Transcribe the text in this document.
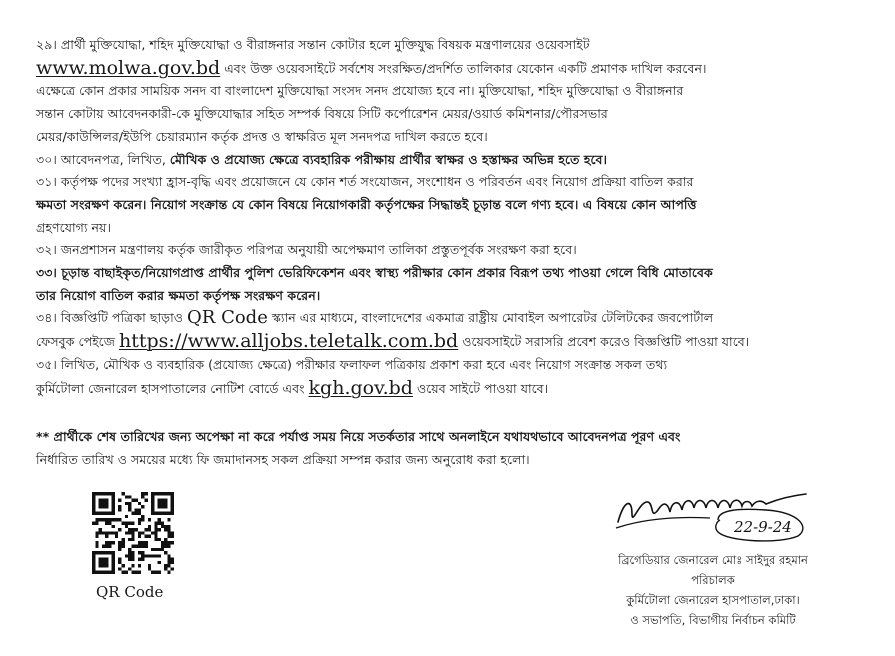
২৯। প্রার্থী মুক্তিযোদ্ধা, শহিদ মুক্তিযোদ্ধা ও বীরাঙ্গনার সন্তান কোটার হলে মুক্তিযুদ্ধ বিষয়ক মন্ত্রণালয়ের ওয়েবসাইট
www.molwa.gov.bd এবং উক্ত ওয়েবসাইটে সর্বশেষ সংরক্ষিত/প্রদর্শিত তালিকার যেকোন একটি প্রমাণক দাখিল করবেন।
এক্ষেত্রে কোন প্রকার সাময়িক সনদ বা বাংলাদেশ মুক্তিযোদ্ধা সংসদ সনদ প্রযোজ্য হবে না। মুক্তিযোদ্ধা, শহিদ মুক্তিযোদ্ধা ও বীরাঙ্গনার
সন্তান কোটায় আবেদনকারী-কে মুক্তিযোদ্ধার সহিত সম্পর্ক বিষয়ে সিটি কর্পোরেশন মেয়র/ওয়ার্ড কমিশনার/পৌরসভার
মেয়র/কাউন্সিলর/ইউপি চেয়ারম্যান কর্তৃক প্রদত্ত ও স্বাক্ষরিত মূল সনদপত্র দাখিল করতে হবে।
৩০। আবেদনপত্র, লিখিত, মৌখিক ও প্রযোজ্য ক্ষেত্রে ব্যবহারিক পরীক্ষায় প্রার্থীর স্বাক্ষর ও হস্তাক্ষর অভিন্ন হতে হবে।
৩১। কর্তৃপক্ষ পদের সংখ্যা হ্রাস-বৃদ্ধি এবং প্রয়োজনে যে কোন শর্ত সংযোজন, সংশোধন ও পরিবর্তন এবং নিয়োগ প্রক্রিয়া বাতিল করার
ক্ষমতা সংরক্ষণ করেন। নিয়োগ সংক্রান্ত যে কোন বিষয়ে নিয়োগকারী কর্তৃপক্ষের সিদ্ধান্তই চূড়ান্ত বলে গণ্য হবে। এ বিষয়ে কোন আপত্তি
গ্রহণযোগ্য নয়।
৩২। জনপ্রশাসন মন্ত্রণালয় কর্তৃক জারীকৃত পরিপত্র অনুযায়ী অপেক্ষমাণ তালিকা প্রস্তুতপূর্বক সংরক্ষণ করা হবে।
৩৩। চূড়ান্ত বাছাইকৃত/নিয়োগপ্রাপ্ত প্রার্থীর পুলিশ ভেরিফিকেশন এবং স্বাস্থ্য পরীক্ষার কোন প্রকার বিরূপ তথ্য পাওয়া গেলে বিধি মোতাবেক
তার নিয়োগ বাতিল করার ক্ষমতা কর্তৃপক্ষ সংরক্ষণ করেন।
৩৪। বিজ্ঞপ্তিটি পত্রিকা ছাড়াও QR Code স্ক্যান এর মাধ্যমে, বাংলাদেশের একমাত্র রাষ্ট্রীয় মোবাইল অপারেটর টেলিটকের জবপোর্টাল
ফেসবুক পেইজে https://www.alljobs.teletalk.com.bd ওয়েবসাইটে সরাসরি প্রবেশ করেও বিজ্ঞপ্তিটি পাওয়া যাবে।
৩৫। লিখিত, মৌখিক ও ব্যবহারিক (প্রযোজ্য ক্ষেত্রে) পরীক্ষার ফলাফল পত্রিকায় প্রকাশ করা হবে এবং নিয়োগ সংক্রান্ত সকল তথ্য
কুর্মিটোলা জেনারেল হাসপাতালের নোটিশ বোর্ডে এবং kgh.gov.bd ওয়েব সাইটে পাওয়া যাবে।
** প্রার্থীকে শেষ তারিখের জন্য অপেক্ষা না করে পর্যাপ্ত সময় নিয়ে সতর্কতার সাথে অনলাইনে যথাযথভাবে আবেদনপত্র পূরণ এবং
নির্ধারিত তারিখ ও সময়ের মধ্যে ফি জমাদানসহ সকল প্রক্রিয়া সম্পন্ন করার জন্য অনুরোধ করা হলো।
QR Code
22-9-24
ব্রিগেডিয়ার জেনারেল মোঃ সাইদুর রহমান
পরিচালক
কুর্মিটোলা জেনারেল হাসপাতাল,ঢাকা।
ও সভাপতি, বিভাগীয় নির্বাচন কমিটি
